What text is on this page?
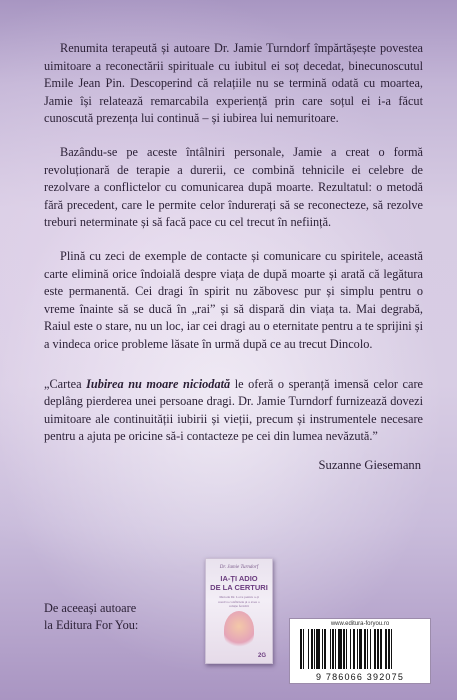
Renumita terapeută și autoare Dr. Jamie Turndorf împărtășește povestea uimitoare a reconectării spirituale cu iubitul ei soț decedat, binecunoscutul Emile Jean Pin. Descoperind că relațiile nu se termină odată cu moartea, Jamie își relatează remarcabila experiență prin care soțul ei i-a făcut cunoscută prezența lui continuă – și iubirea lui nemuritoare.

Bazându-se pe aceste întâlniri personale, Jamie a creat o formă revoluționară de terapie a durerii, ce combină tehnicile ei celebre de rezolvare a conflictelor cu comunicarea după moarte. Rezultatul: o metodă fără precedent, care le permite celor îndurerați să se reconecteze, să rezolve treburi neterminate și să facă pace cu cel trecut în neființă.

Plină cu zeci de exemple de contacte și comunicare cu spiritele, această carte elimină orice îndoială despre viața de după moarte și arată că legătura este permanentă. Cei dragi în spirit nu zăbovesc pur și simplu pentru o vreme înainte să se ducă în „rai” și să dispară din viața ta. Mai degrabă, Raiul este o stare, nu un loc, iar cei dragi au o eternitate pentru a te sprijini și a vindeca orice probleme lăsate în urmă după ce au trecut Dincolo.

„Cartea Iubirea nu moare niciodată le oferă o speranță imensă celor care deplâng pierderea unei persoane dragi. Dr. Jamie Turndorf furnizează dovezi uimitoare ale continuității iubirii și vieții, precum și instrumentele necesare pentru a ajuta pe oricine să-i contacteze pe cei din lumea nevăzută.”

Suzanne Giesemann
De aceeași autoare
la Editura For You:
Dr. Jamie Turndorf
IA-ȚI ADIO
DE LA CERTURI
Metoda Dr. Love pentru a-ți rezolva conflictele și a avea o relație fericită
2G
www.editura-foryou.ro
9 786066 392075
